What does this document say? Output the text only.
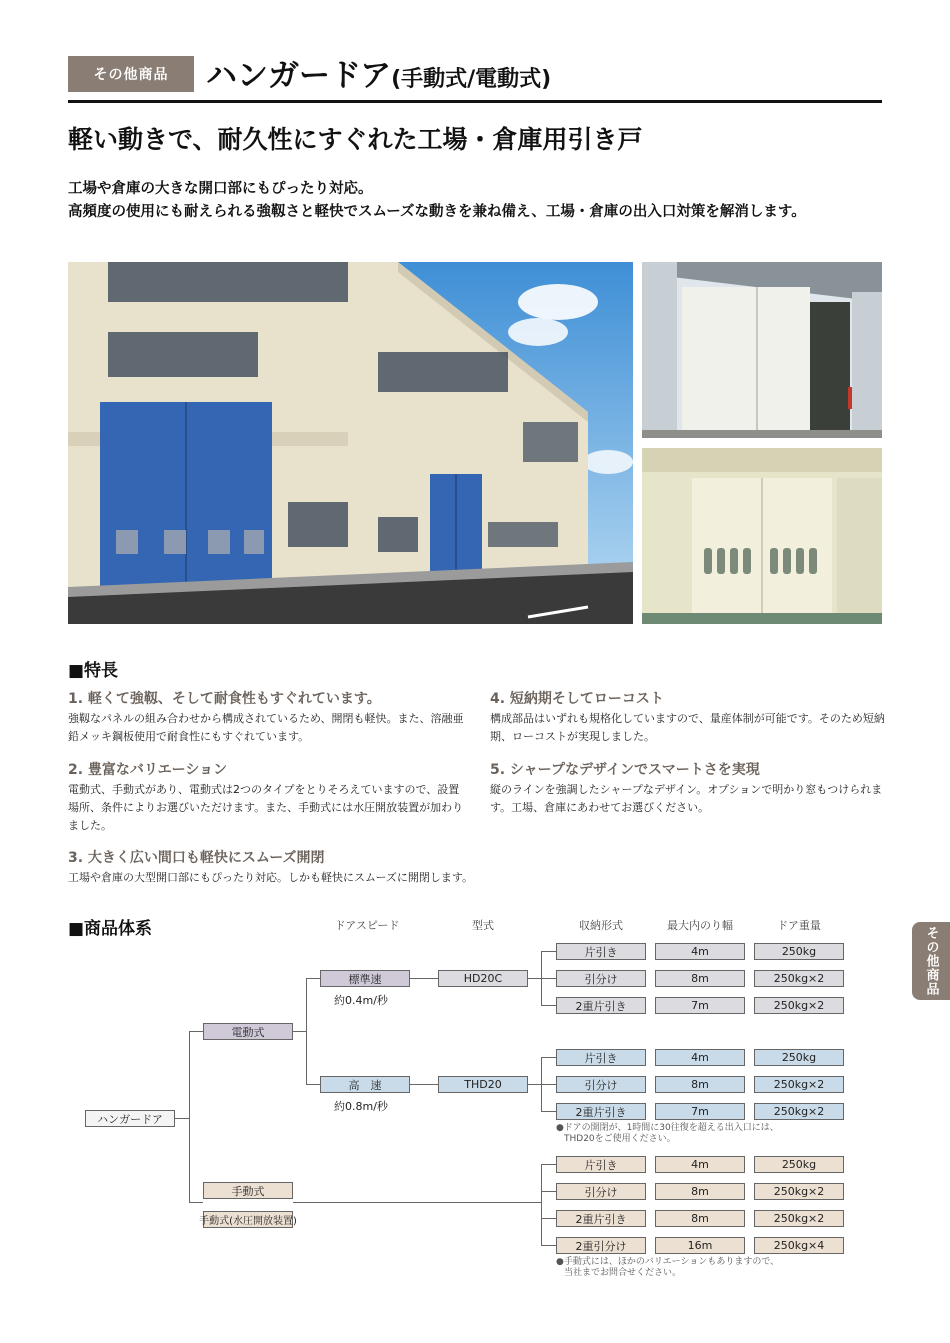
その他商品	ハンガードア(手動式/電動式)
軽い動きで、耐久性にすぐれた工場・倉庫用引き戸
工場や倉庫の大きな開口部にもぴったり対応。
高頻度の使用にも耐えられる強靱さと軽快でスムーズな動きを兼ね備え、工場・倉庫の出入口対策を解消します。
■特長
1. 軽くて強靱、そして耐食性もすぐれています。
強靱なパネルの組み合わせから構成されているため、開閉も軽快。また、溶融亜鉛メッキ鋼板使用で耐食性にもすぐれています。
2. 豊富なバリエーション
電動式、手動式があり、電動式は2つのタイプをとりそろえていますので、設置場所、条件によりお選びいただけます。また、手動式には水圧開放装置が加わりました。
3. 大きく広い間口も軽快にスムーズ開閉
工場や倉庫の大型開口部にもぴったり対応。しかも軽快にスムーズに開閉します。
4. 短納期そしてローコスト
構成部品はいずれも規格化していますので、量産体制が可能です。そのため短納期、ローコストが実現しました。
5. シャープなデザインでスマートさを実現
縦のラインを強調したシャープなデザイン。オプションで明かり窓もつけられます。工場、倉庫にあわせてお選びください。
■商品体系	ドアスピード	型式	収納形式	最大内のり幅	ドア重量
ハンガードア
電動式
手動式
手動式(水圧開放装置)
標準速
約0.4m/秒
高　速
約0.8m/秒
HD20C
THD20
片引き	4m	250kg
引分け	8m	250kg×2
2重片引き	7m	250kg×2
片引き	4m	250kg
引分け	8m	250kg×2
2重片引き	7m	250kg×2
●ドアの開閉が、1時間に30往復を超える出入口には、
THD20をご使用ください。
片引き	4m	250kg
引分け	8m	250kg×2
2重片引き	8m	250kg×2
2重引分け	16m	250kg×4
●手動式には、ほかのバリエーションもありますので、
当社までお問合せください。
その他商品
